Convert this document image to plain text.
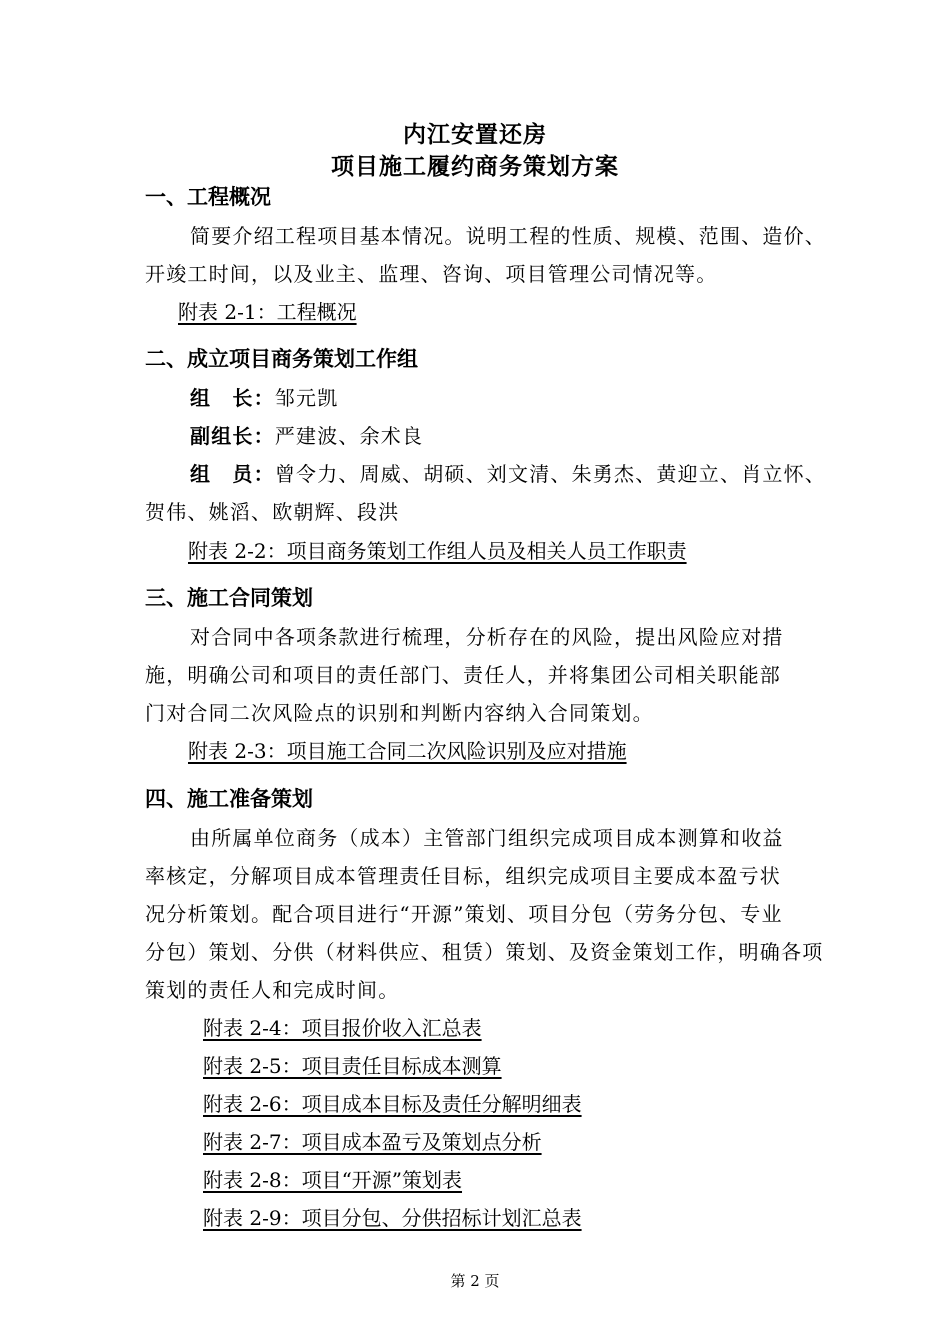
内江安置还房
项目施工履约商务策划方案
一、工程概况
简要介绍工程项目基本情况。说明工程的性质、规模、范围、造价、
开竣工时间，以及业主、监理、咨询、项目管理公司情况等。
附表 2-1：工程概况
二、成立项目商务策划工作组
组　长：邹元凯
副组长：严建波、余术良
组　员：曾令力、周威、胡硕、刘文清、朱勇杰、黄迎立、肖立怀、
贺伟、姚滔、欧朝辉、段洪
附表 2-2：项目商务策划工作组人员及相关人员工作职责
三、施工合同策划
对合同中各项条款进行梳理，分析存在的风险，提出风险应对措
施，明确公司和项目的责任部门、责任人，并将集团公司相关职能部
门对合同二次风险点的识别和判断内容纳入合同策划。
附表 2-3：项目施工合同二次风险识别及应对措施
四、施工准备策划
由所属单位商务（成本）主管部门组织完成项目成本测算和收益
率核定，分解项目成本管理责任目标，组织完成项目主要成本盈亏状
况分析策划。配合项目进行“开源”策划、项目分包（劳务分包、专业
分包）策划、分供（材料供应、租赁）策划、及资金策划工作，明确各项
策划的责任人和完成时间。
附表 2-4：项目报价收入汇总表
附表 2-5：项目责任目标成本测算
附表 2-6：项目成本目标及责任分解明细表
附表 2-7：项目成本盈亏及策划点分析
附表 2-8：项目“开源”策划表
附表 2-9：项目分包、分供招标计划汇总表
第 2 页
